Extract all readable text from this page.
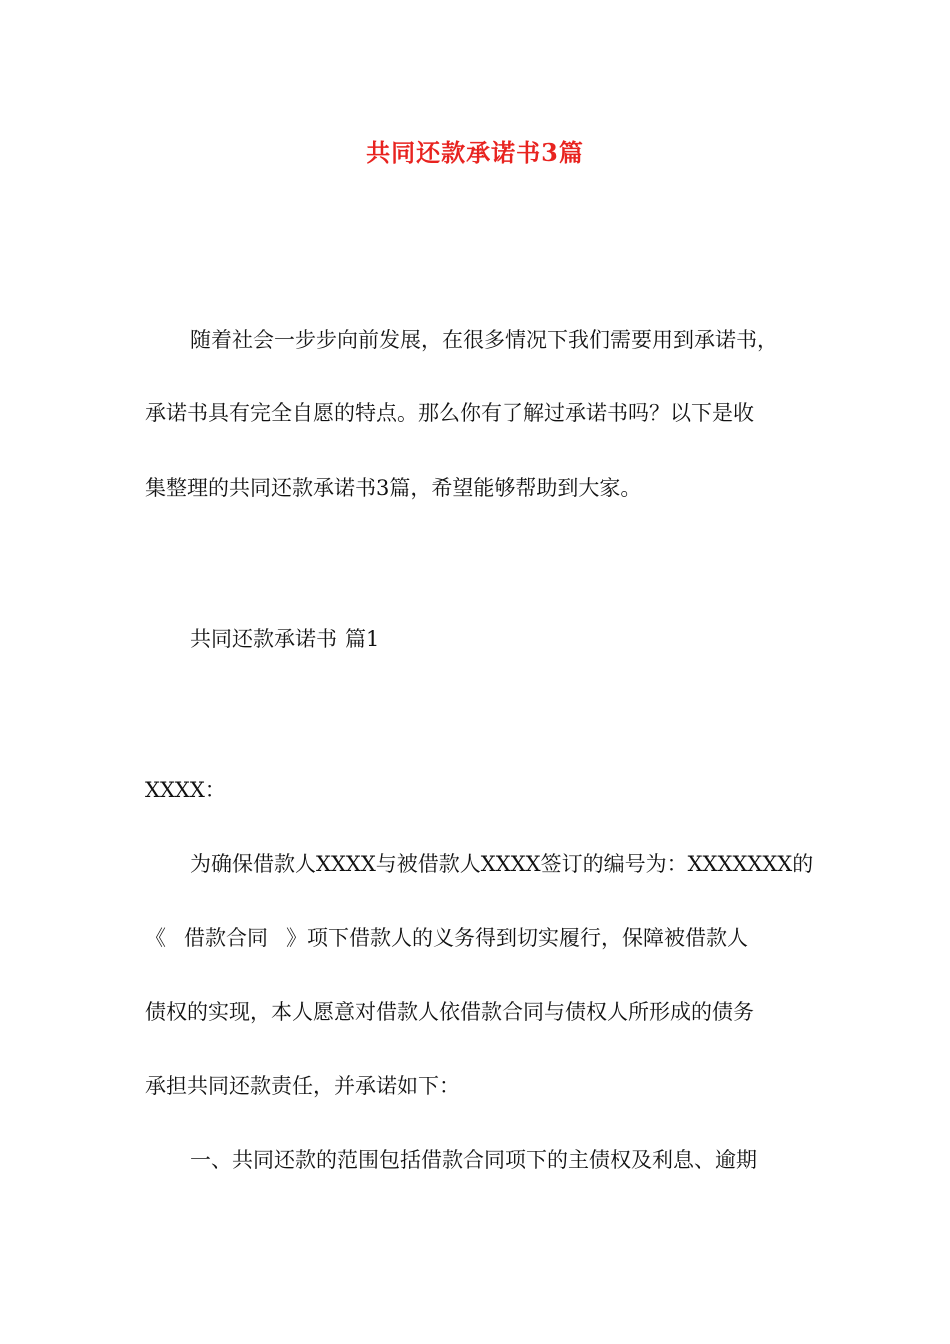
共同还款承诺书3篇
随着社会一步步向前发展，在很多情况下我们需要用到承诺书，
承诺书具有完全自愿的特点。那么你有了解过承诺书吗？以下是收
集整理的共同还款承诺书3篇，希望能够帮助到大家。
共同还款承诺书 篇1
XXXX：
为确保借款人XXXX与被借款人XXXX签订的编号为：XXXXXXX的
《 借款合同 》项下借款人的义务得到切实履行，保障被借款人
债权的实现，本人愿意对借款人依借款合同与债权人所形成的债务
承担共同还款责任，并承诺如下：
一、共同还款的范围包括借款合同项下的主债权及利息、逾期
